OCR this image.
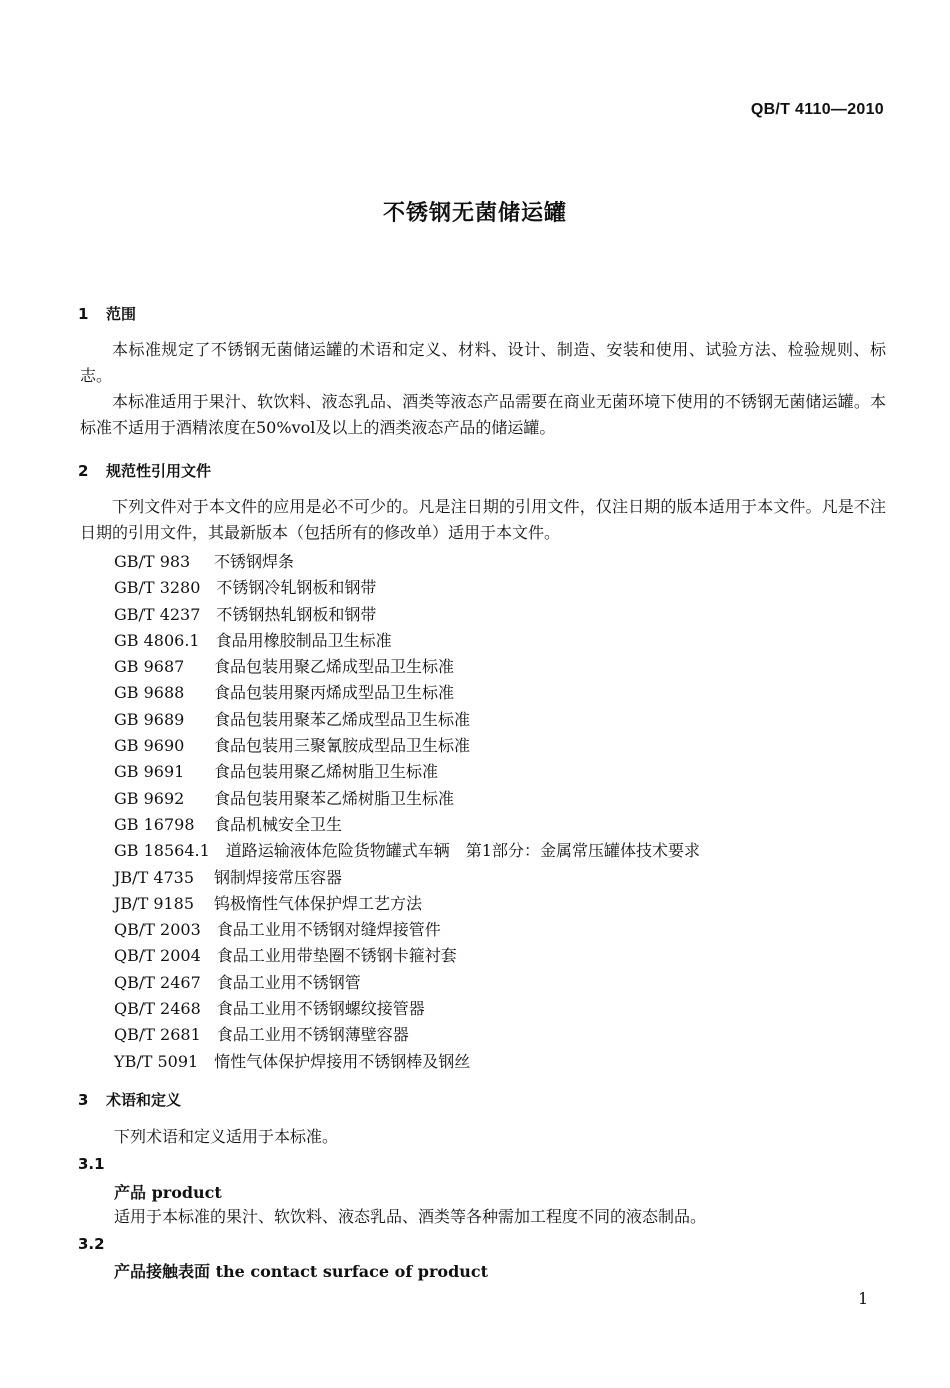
QB/T 4110—2010
不锈钢无菌储运罐
1 范围
本标准规定了不锈钢无菌储运罐的术语和定义、材料、设计、制造、安装和使用、试验方法、检验规则、标志。
本标准适用于果汁、软饮料、液态乳品、酒类等液态产品需要在商业无菌环境下使用的不锈钢无菌储运罐。本标准不适用于酒精浓度在50%vol及以上的酒类液态产品的储运罐。
2 规范性引用文件
下列文件对于本文件的应用是必不可少的。凡是注日期的引用文件，仅注日期的版本适用于本文件。凡是不注日期的引用文件，其最新版本（包括所有的修改单）适用于本文件。
GB/T 983 不锈钢焊条
GB/T 3280 不锈钢冷轧钢板和钢带
GB/T 4237 不锈钢热轧钢板和钢带
GB 4806.1 食品用橡胶制品卫生标准
GB 9687 食品包装用聚乙烯成型品卫生标准
GB 9688 食品包装用聚丙烯成型品卫生标准
GB 9689 食品包装用聚苯乙烯成型品卫生标准
GB 9690 食品包装用三聚氰胺成型品卫生标准
GB 9691 食品包装用聚乙烯树脂卫生标准
GB 9692 食品包装用聚苯乙烯树脂卫生标准
GB 16798 食品机械安全卫生
GB 18564.1 道路运输液体危险货物罐式车辆　第1部分：金属常压罐体技术要求
JB/T 4735 钢制焊接常压容器
JB/T 9185 钨极惰性气体保护焊工艺方法
QB/T 2003 食品工业用不锈钢对缝焊接管件
QB/T 2004 食品工业用带垫圈不锈钢卡箍衬套
QB/T 2467 食品工业用不锈钢管
QB/T 2468 食品工业用不锈钢螺纹接管器
QB/T 2681 食品工业用不锈钢薄壁容器
YB/T 5091 惰性气体保护焊接用不锈钢棒及钢丝
3 术语和定义
下列术语和定义适用于本标准。
3.1
产品 product
适用于本标准的果汁、软饮料、液态乳品、酒类等各种需加工程度不同的液态制品。
3.2
产品接触表面 the contact surface of product
1
